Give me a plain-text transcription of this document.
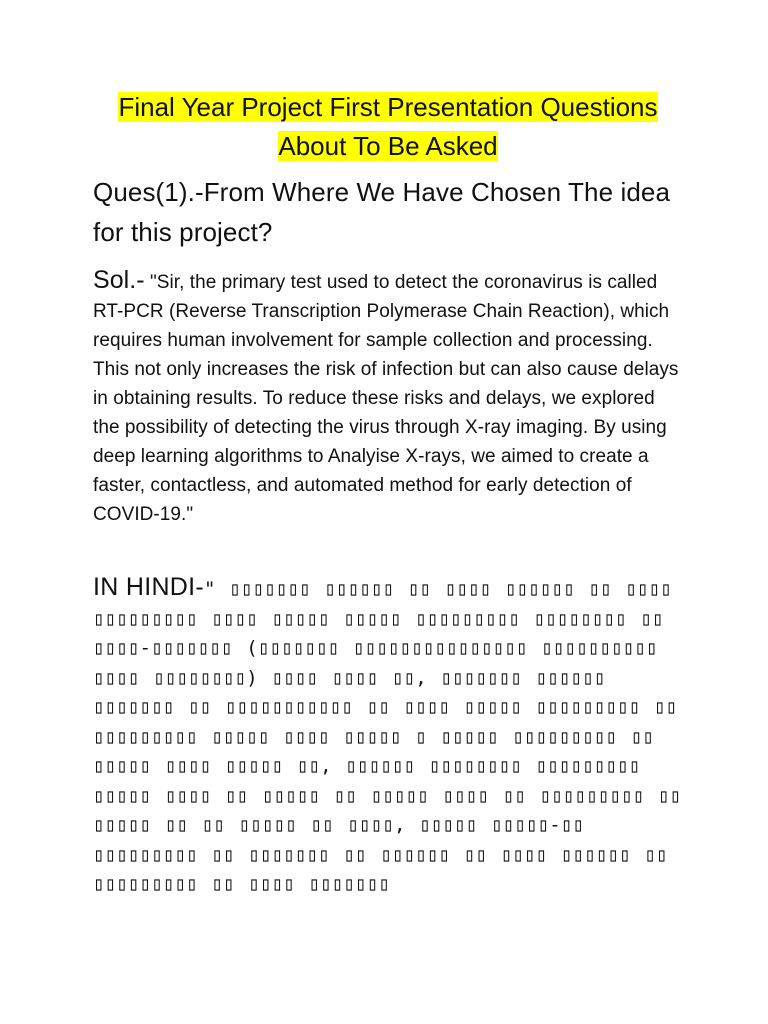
Final Year Project First Presentation Questions
About To Be Asked

Ques(1).-From Where We Have Chosen The idea for this project?

Sol.- "Sir, the primary test used to detect the coronavirus is called RT-PCR (Reverse Transcription Polymerase Chain Reaction), which requires human involvement for sample collection and processing. This not only increases the risk of infection but can also cause delays in obtaining results. To reduce these risks and delays, we explored the possibility of detecting the virus through X-ray imaging. By using deep learning algorithms to Analyise X-rays, we aimed to create a faster, contactless, and automated method for early detection of COVID-19."

IN HINDI-" ▯▯▯▯▯▯▯ ▯▯▯▯▯▯ ▯▯ ▯▯▯▯ ▯▯▯▯▯▯ ▯▯ ▯▯▯▯ ▯▯▯▯▯▯▯▯▯ ▯▯▯▯ ▯▯▯▯▯ ▯▯▯▯▯ ▯▯▯▯▯▯▯▯▯ ▯▯▯▯▯▯▯▯ ▯▯ ▯▯▯▯-▯▯▯▯▯▯▯ (▯▯▯▯▯▯▯ ▯▯▯▯▯▯▯▯▯▯▯▯▯▯▯ ▯▯▯▯▯▯▯▯▯▯ ▯▯▯▯ ▯▯▯▯▯▯▯▯) ▯▯▯▯ ▯▯▯▯ ▯▯, ▯▯▯▯▯▯▯ ▯▯▯▯▯▯ ▯▯▯▯▯▯▯ ▯▯ ▯▯▯▯▯▯▯▯▯▯▯ ▯▯ ▯▯▯▯ ▯▯▯▯▯ ▯▯▯▯▯▯▯▯▯ ▯▯ ▯▯▯▯▯▯▯▯▯ ▯▯▯▯▯ ▯▯▯▯ ▯▯▯▯▯ ▯ ▯▯▯▯▯ ▯▯▯▯▯▯▯▯▯ ▯▯ ▯▯▯▯▯ ▯▯▯▯ ▯▯▯▯▯ ▯▯, ▯▯▯▯▯▯ ▯▯▯▯▯▯▯▯ ▯▯▯▯▯▯▯▯▯ ▯▯▯▯▯ ▯▯▯▯ ▯▯ ▯▯▯▯▯ ▯▯ ▯▯▯▯▯ ▯▯▯▯ ▯▯ ▯▯▯▯▯▯▯▯▯ ▯▯ ▯▯▯▯▯ ▯▯ ▯▯ ▯▯▯▯▯ ▯▯ ▯▯▯▯, ▯▯▯▯▯ ▯▯▯▯▯-▯▯ ▯▯▯▯▯▯▯▯▯ ▯▯ ▯▯▯▯▯▯▯ ▯▯ ▯▯▯▯▯▯ ▯▯ ▯▯▯▯ ▯▯▯▯▯▯ ▯▯ ▯▯▯▯▯▯▯▯▯ ▯▯ ▯▯▯▯ ▯▯▯▯▯▯▯
